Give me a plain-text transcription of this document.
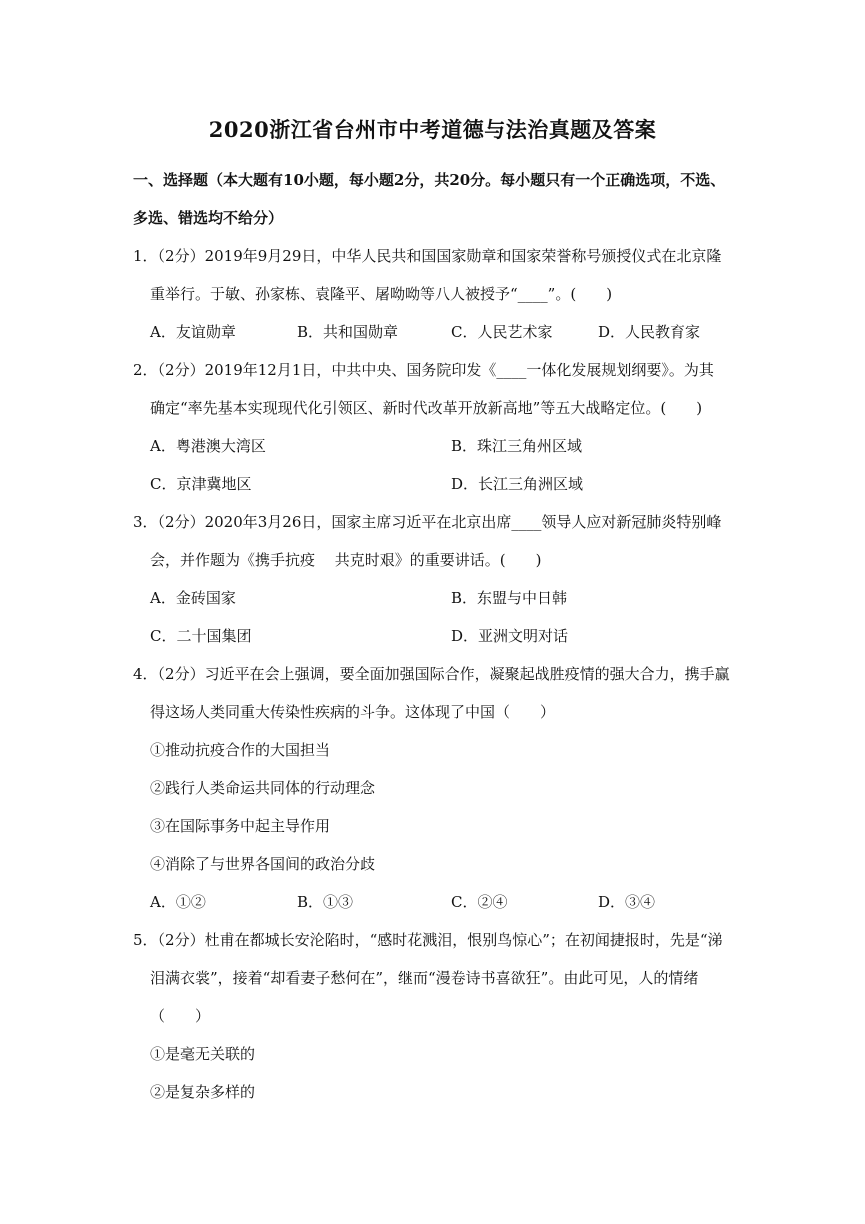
2020浙江省台州市中考道德与法治真题及答案
一、选择题（本大题有10小题，每小题2分，共20分。每小题只有一个正确选项，不选、
多选、错选均不给分）
1．（2分）2019年9月29日，中华人民共和国国家勋章和国家荣誉称号颁授仪式在北京隆
重举行。于敏、孙家栋、袁隆平、屠呦呦等八人被授予“____”。(　　)
A．友谊勋章	B．共和国勋章	C．人民艺术家	D．人民教育家
2．（2分）2019年12月1日，中共中央、国务院印发《____一体化发展规划纲要》。为其
确定“率先基本实现现代化引领区、新时代改革开放新高地”等五大战略定位。(　　)
A．粤港澳大湾区	B．珠江三角州区域
C．京津冀地区	D．长江三角洲区域
3．（2分）2020年3月26日，国家主席习近平在北京出席____领导人应对新冠肺炎特别峰
会，并作题为《携手抗疫　 共克时艰》的重要讲话。(　　)
A．金砖国家	B．东盟与中日韩
C．二十国集团	D．亚洲文明对话
4．（2分）习近平在会上强调，要全面加强国际合作，凝聚起战胜疫情的强大合力，携手赢
得这场人类同重大传染性疾病的斗争。这体现了中国（　　）
①推动抗疫合作的大国担当
②践行人类命运共同体的行动理念
③在国际事务中起主导作用
④消除了与世界各国间的政治分歧
A．①②	B．①③	C．②④	D．③④
5．（2分）杜甫在都城长安沦陷时，“感时花溅泪，恨别鸟惊心”；在初闻捷报时，先是“涕
泪满衣裳”，接着“却看妻子愁何在”，继而“漫卷诗书喜欲狂”。由此可见，人的情绪
（　　）
①是毫无关联的
②是复杂多样的
